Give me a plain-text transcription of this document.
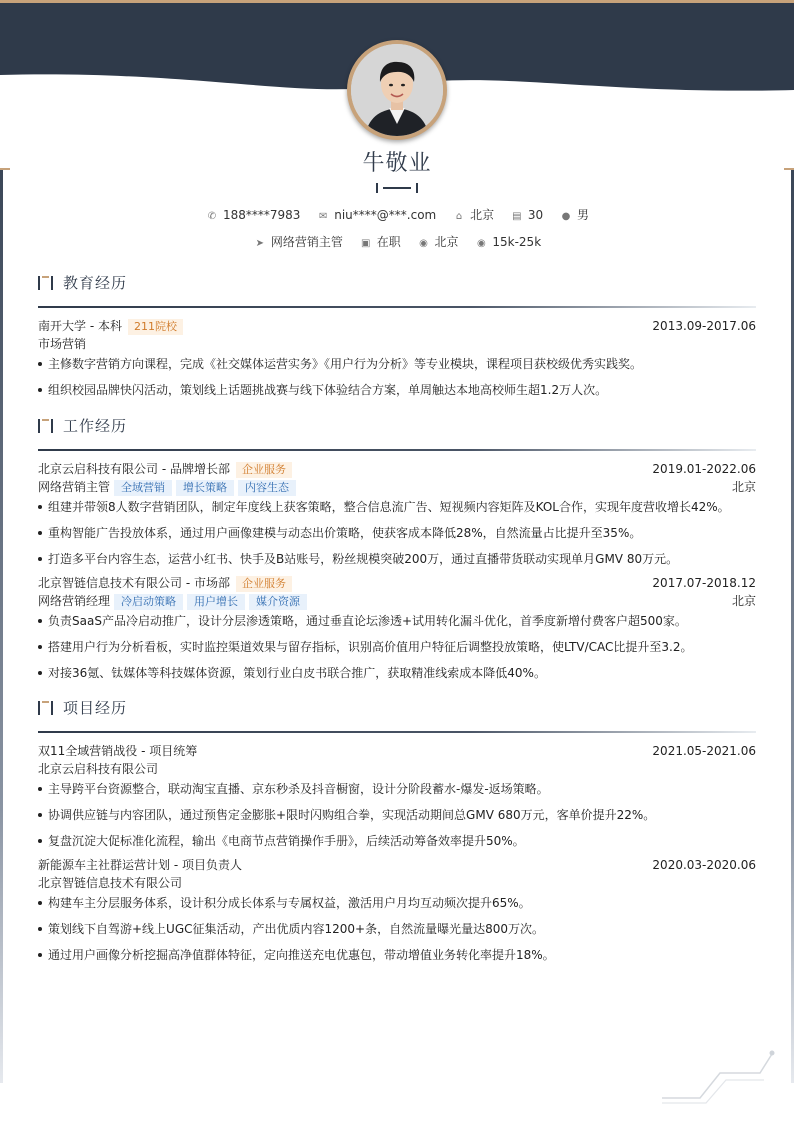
牛敬业
✆ 188****7983 ✉ niu****@***.com ⌂ 北京 ▤ 30 ● 男
➤ 网络营销主管 ▣ 在职 ◉ 北京 ◉ 15k-25k
教育经历
南开大学 - 本科 211院校	2013.09-2017.06
市场营销
主修数字营销方向课程，完成《社交媒体运营实务》《用户行为分析》等专业模块，课程项目获校级优秀实践奖。
组织校园品牌快闪活动，策划线上话题挑战赛与线下体验结合方案，单周触达本地高校师生超1.2万人次。
工作经历
北京云启科技有限公司 - 品牌增长部 企业服务	2019.01-2022.06
网络营销主管 全域营销 增长策略 内容生态	北京
组建并带领8人数字营销团队，制定年度线上获客策略，整合信息流广告、短视频内容矩阵及KOL合作，实现年度营收增长42%。
重构智能广告投放体系，通过用户画像建模与动态出价策略，使获客成本降低28%，自然流量占比提升至35%。
打造多平台内容生态，运营小红书、快手及B站账号，粉丝规模突破200万，通过直播带货联动实现单月GMV 80万元。
北京智链信息技术有限公司 - 市场部 企业服务	2017.07-2018.12
网络营销经理 冷启动策略 用户增长 媒介资源	北京
负责SaaS产品冷启动推广，设计分层渗透策略，通过垂直论坛渗透+试用转化漏斗优化，首季度新增付费客户超500家。
搭建用户行为分析看板，实时监控渠道效果与留存指标，识别高价值用户特征后调整投放策略，使LTV/CAC比提升至3.2。
对接36氪、钛媒体等科技媒体资源，策划行业白皮书联合推广，获取精准线索成本降低40%。
项目经历
双11全域营销战役 - 项目统筹	2021.05-2021.06
北京云启科技有限公司
主导跨平台资源整合，联动淘宝直播、京东秒杀及抖音橱窗，设计分阶段蓄水-爆发-返场策略。
协调供应链与内容团队，通过预售定金膨胀+限时闪购组合拳，实现活动期间总GMV 680万元，客单价提升22%。
复盘沉淀大促标准化流程，输出《电商节点营销操作手册》，后续活动筹备效率提升50%。
新能源车主社群运营计划 - 项目负责人	2020.03-2020.06
北京智链信息技术有限公司
构建车主分层服务体系，设计积分成长体系与专属权益，激活用户月均互动频次提升65%。
策划线下自驾游+线上UGC征集活动，产出优质内容1200+条，自然流量曝光量达800万次。
通过用户画像分析挖掘高净值群体特征，定向推送充电优惠包，带动增值业务转化率提升18%。
